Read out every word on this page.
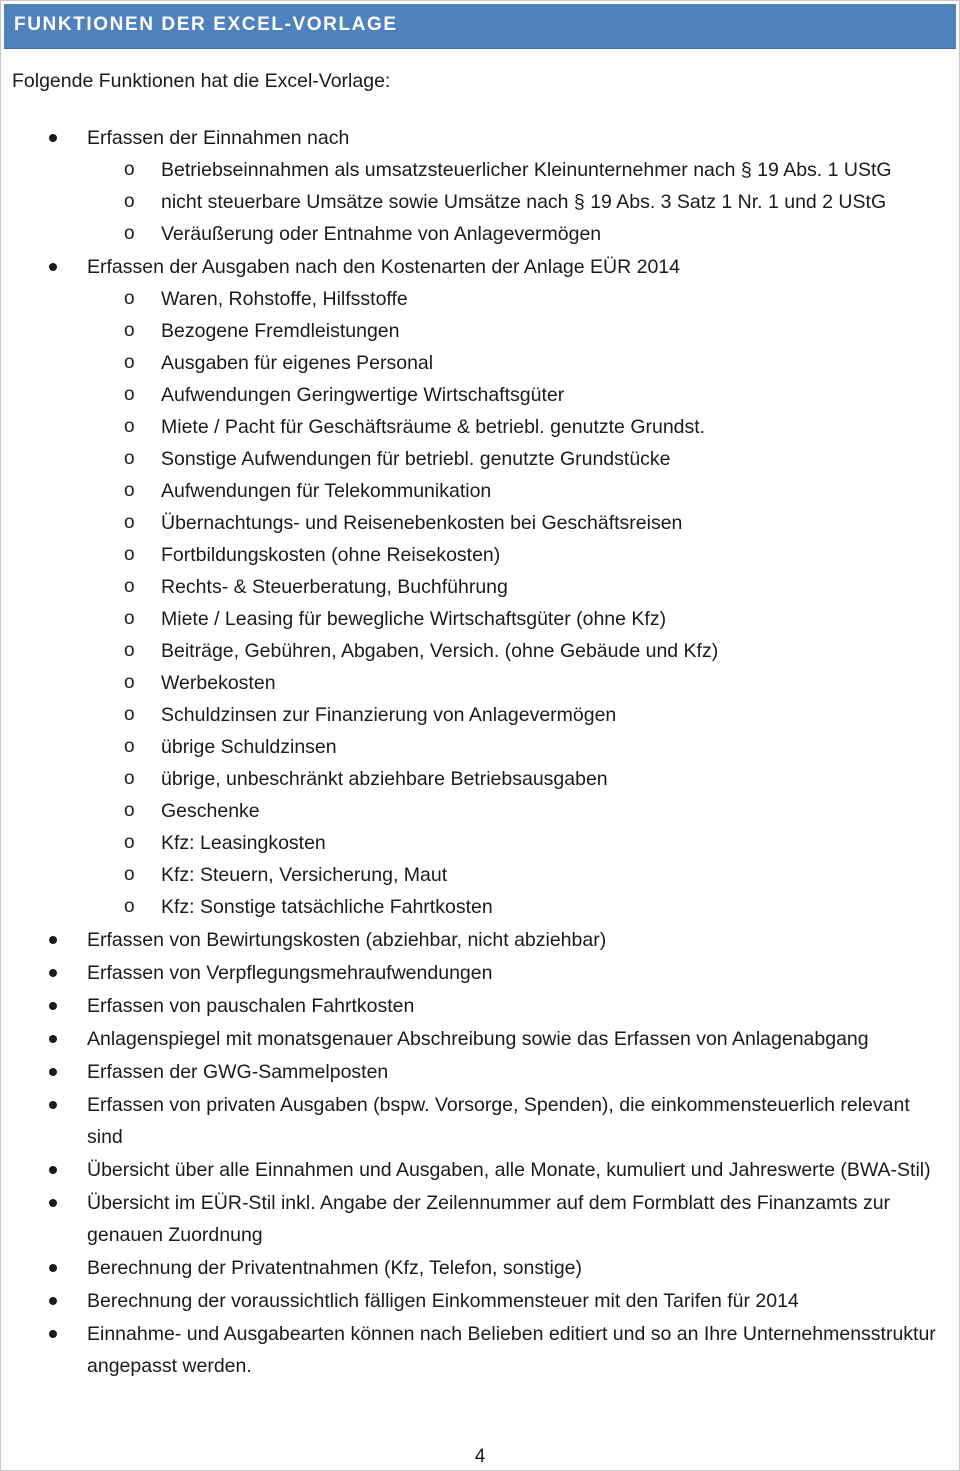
FUNKTIONEN DER EXCEL-VORLAGE
Folgende Funktionen hat die Excel-Vorlage:
Erfassen der Einnahmen nach
o Betriebseinnahmen als umsatzsteuerlicher Kleinunternehmer nach § 19 Abs. 1 UStG
o nicht steuerbare Umsätze sowie Umsätze nach § 19 Abs. 3 Satz 1 Nr. 1 und 2 UStG
o Veräußerung oder Entnahme von Anlagevermögen
Erfassen der Ausgaben nach den Kostenarten der Anlage EÜR 2014
o Waren, Rohstoffe, Hilfsstoffe
o Bezogene Fremdleistungen
o Ausgaben für eigenes Personal
o Aufwendungen Geringwertige Wirtschaftsgüter
o Miete / Pacht für Geschäftsräume & betriebl. genutzte Grundst.
o Sonstige Aufwendungen für betriebl. genutzte Grundstücke
o Aufwendungen für Telekommunikation
o Übernachtungs- und Reisenebenkosten bei Geschäftsreisen
o Fortbildungskosten (ohne Reisekosten)
o Rechts- & Steuerberatung, Buchführung
o Miete / Leasing für bewegliche Wirtschaftsgüter (ohne Kfz)
o Beiträge, Gebühren, Abgaben, Versich. (ohne Gebäude und Kfz)
o Werbekosten
o Schuldzinsen zur Finanzierung von Anlagevermögen
o übrige Schuldzinsen
o übrige, unbeschränkt abziehbare Betriebsausgaben
o Geschenke
o Kfz: Leasingkosten
o Kfz: Steuern, Versicherung, Maut
o Kfz: Sonstige tatsächliche Fahrtkosten
Erfassen von Bewirtungskosten (abziehbar, nicht abziehbar)
Erfassen von Verpflegungsmehraufwendungen
Erfassen von pauschalen Fahrtkosten
Anlagenspiegel mit monatsgenauer Abschreibung sowie das Erfassen von Anlagenabgang
Erfassen der GWG-Sammelposten
Erfassen von privaten Ausgaben (bspw. Vorsorge, Spenden), die einkommensteuerlich relevant sind
Übersicht über alle Einnahmen und Ausgaben, alle Monate, kumuliert und Jahreswerte (BWA-Stil)
Übersicht im EÜR-Stil inkl. Angabe der Zeilennummer auf dem Formblatt des Finanzamts zur genauen Zuordnung
Berechnung der Privatentnahmen (Kfz, Telefon, sonstige)
Berechnung der voraussichtlich fälligen Einkommensteuer mit den Tarifen für 2014
Einnahme- und Ausgabearten können nach Belieben editiert und so an Ihre Unternehmensstruktur angepasst werden.
4
